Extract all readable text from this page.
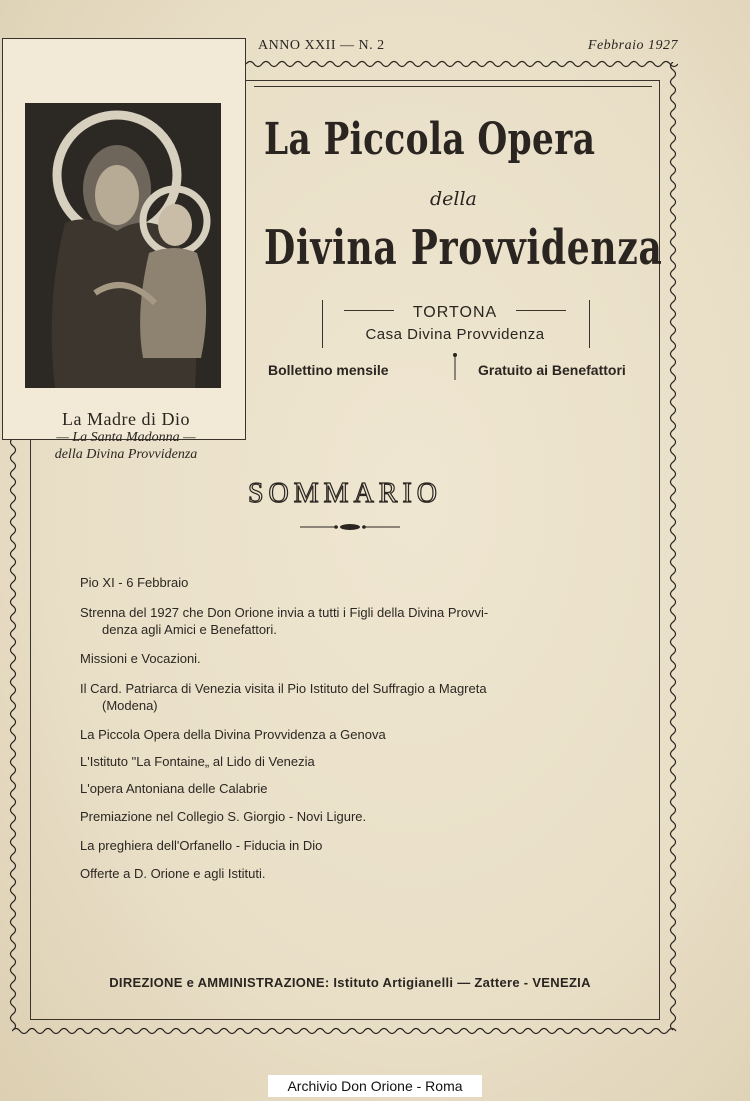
ANNO XXII — N. 2	Febbraio 1927
La Madre di Dio
— La Santa Madonna —
della Divina Provvidenza
La Piccola Opera
della
Divina Provvidenza
TORTONA
Casa Divina Provvidenza
Bollettino mensile	Gratuito ai Benefattori
SOMMARIO
Pio XI - 6 Febbraio
Strenna del 1927 che Don Orione invia a tutti i Figli della Divina Provvi-
denza agli Amici e Benefattori.
Missioni e Vocazioni.
Il Card. Patriarca di Venezia visita il Pio Istituto del Suffragio a Magreta
(Modena)
La Piccola Opera della Divina Provvidenza a Genova
L'Istituto "La Fontaine„ al Lido di Venezia
L'opera Antoniana delle Calabrie
Premiazione nel Collegio S. Giorgio - Novi Ligure.
La preghiera dell'Orfanello - Fiducia in Dio
Offerte a D. Orione e agli Istituti.
DIREZIONE e AMMINISTRAZIONE: Istituto Artigianelli — Zattere - VENEZIA
Archivio Don Orione - Roma
